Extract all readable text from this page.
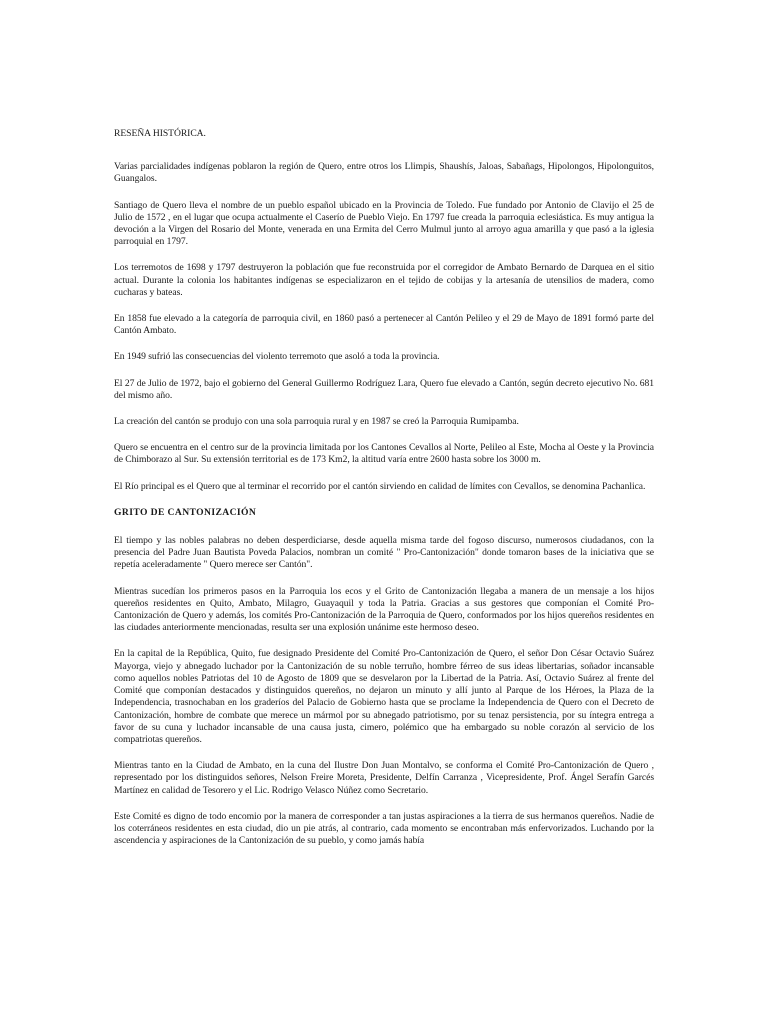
RESEÑA HISTÓRICA.

Varias parcialidades indígenas poblaron la región de Quero, entre otros los Llimpis, Shaushís, Jaloas, Sabañags, Hipolongos, Hipolonguitos, Guangalos.

Santiago de Quero lleva el nombre de un pueblo español ubicado en la Provincia de Toledo. Fue fundado por Antonio de Clavijo el 25 de Julio de 1572 , en el lugar que ocupa actualmente el Caserío de Pueblo Viejo. En 1797 fue creada la parroquia eclesiástica. Es muy antigua la devoción a la Virgen del Rosario del Monte, venerada en una Ermita del Cerro Mulmul junto al arroyo agua amarilla y que pasó a la iglesia parroquial en 1797.

Los terremotos de 1698 y 1797 destruyeron la población que fue reconstruida por el corregidor de Ambato Bernardo de Darquea en el sitio actual. Durante la colonia los habitantes indígenas se especializaron en el tejido de cobijas y la artesanía de utensilios de madera, como cucharas y bateas.

En 1858 fue elevado a la categoría de parroquia civil, en 1860 pasó a pertenecer al Cantón Pelileo y el 29 de Mayo de 1891 formó parte del Cantón Ambato.

En 1949 sufrió las consecuencias del violento terremoto que asoló a toda la provincia.

El 27 de Julio de 1972, bajo el gobierno del General Guillermo Rodríguez Lara, Quero fue elevado a Cantón, según decreto ejecutivo No. 681 del mismo año.

La creación del cantón se produjo con una sola parroquia rural y en 1987 se creó la Parroquia Rumipamba.

Quero se encuentra en el centro sur de la provincia limitada por los Cantones Cevallos al Norte, Pelileo al Este, Mocha al Oeste y la Provincia de Chimborazo al Sur. Su extensión territorial es de 173 Km2, la altitud varía entre 2600 hasta sobre los 3000 m.

El Río principal es el Quero que al terminar el recorrido por el cantón sirviendo en calidad de límites con Cevallos, se denomina Pachanlica.

GRITO DE CANTONIZACIÓN

El tiempo y las nobles palabras no deben desperdiciarse, desde aquella misma tarde del fogoso discurso, numerosos ciudadanos, con la presencia del Padre Juan Bautista Poveda Palacios, nombran un comité " Pro-Cantonización" donde tomaron bases de la iniciativa que se repetía aceleradamente " Quero merece ser Cantón".

Mientras sucedían los primeros pasos en la Parroquia los ecos y el Grito de Cantonización llegaba a manera de un mensaje a los hijos quereños residentes en Quito, Ambato, Milagro, Guayaquil y toda la Patria. Gracias a sus gestores que componían el Comité Pro-Cantonización de Quero y además, los comités Pro-Cantonización de la Parroquia de Quero, conformados por los hijos quereños residentes en las ciudades anteriormente mencionadas, resulta ser una explosión unánime este hermoso deseo.

En la capital de la República, Quito, fue designado Presidente del Comité Pro-Cantonización de Quero, el señor Don César Octavio Suárez Mayorga, viejo y abnegado luchador por la Cantonización de su noble terruño, hombre férreo de sus ideas libertarias, soñador incansable como aquellos nobles Patriotas del 10 de Agosto de 1809 que se desvelaron por la Libertad de la Patria. Así, Octavio Suárez al frente del Comité que componían destacados y distinguidos quereños, no dejaron un minuto y allí junto al Parque de los Héroes, la Plaza de la Independencia, trasnochaban en los graderíos del Palacio de Gobierno hasta que se proclame la Independencia de Quero con el Decreto de Cantonización, hombre de combate que merece un mármol por su abnegado patriotismo, por su tenaz persistencia, por su íntegra entrega a favor de su cuna y luchador incansable de una causa justa, cimero, polémico que ha embargado su noble corazón al servicio de los compatriotas quereños.

Mientras tanto en la Ciudad de Ambato, en la cuna del Ilustre Don Juan Montalvo, se conforma el Comité Pro-Cantonización de Quero , representado por los distinguidos señores, Nelson Freire Moreta, Presidente, Delfín Carranza , Vicepresidente, Prof. Ángel Serafín Garcés Martínez en calidad de Tesorero y el Lic. Rodrigo Velasco Núñez como Secretario.

Este Comité es digno de todo encomio por la manera de corresponder a tan justas aspiraciones a la tierra de sus hermanos quereños. Nadie de los coterráneos residentes en esta ciudad, dio un pie atrás, al contrario, cada momento se encontraban más enfervorizados. Luchando por la ascendencia y aspiraciones de la Cantonización de su pueblo, y como jamás había
